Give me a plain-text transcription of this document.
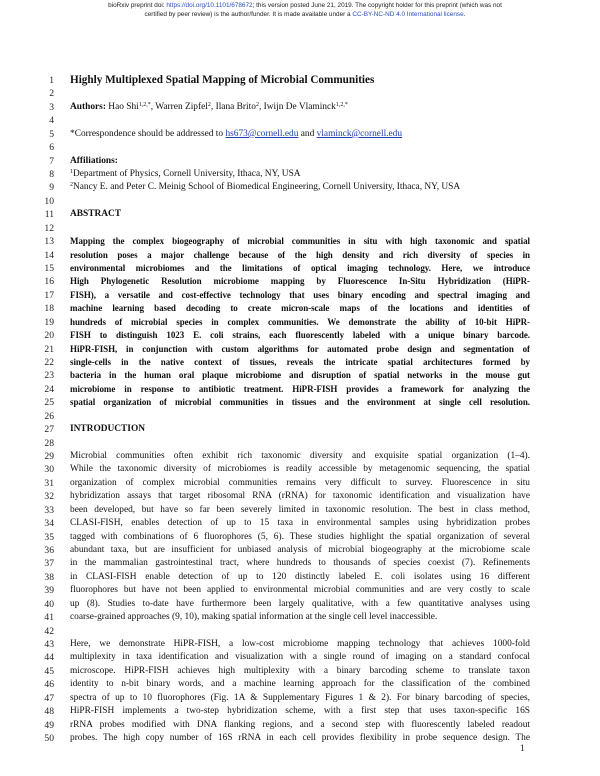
bioRxiv preprint doi: https://doi.org/10.1101/678672; this version posted June 21, 2019. The copyright holder for this preprint (which was not
certified by peer review) is the author/funder. It is made available under a CC-BY-NC-ND 4.0 International license.
1
2
3
4
5
6
7
8
9
10
11
12
13
14
15
16
17
18
19
20
21
22
23
24
25
26
27
28
29
30
31
32
33
34
35
36
37
38
39
40
41
42
43
44
45
46
47
48
49
50
Highly Multiplexed Spatial Mapping of Microbial Communities
Authors: Hao Shi$^{1,2,*}$, Warren Zipfel$^2$, Ilana Brito$^2$, Iwijn De Vlaminck$^{1,2,*}$
*Correspondence should be addressed to hs673@cornell.edu and vlaminck@cornell.edu
Affiliations:
$^1$Department of Physics, Cornell University, Ithaca, NY, USA
$^2$Nancy E. and Peter C. Meinig School of Biomedical Engineering, Cornell University, Ithaca, NY, USA
ABSTRACT
Mapping the complex biogeography of microbial communities in situ with high taxonomic and spatial
resolution poses a major challenge because of the high density and rich diversity of species in
environmental microbiomes and the limitations of optical imaging technology. Here, we introduce
High Phylogenetic Resolution microbiome mapping by Fluorescence In-Situ Hybridization (HiPR-
FISH), a versatile and cost-effective technology that uses binary encoding and spectral imaging and
machine learning based decoding to create micron-scale maps of the locations and identities of
hundreds of microbial species in complex communities. We demonstrate the ability of 10-bit HiPR-
FISH to distinguish 1023 E. coli strains, each fluorescently labeled with a unique binary barcode.
HiPR-FISH, in conjunction with custom algorithms for automated probe design and segmentation of
single-cells in the native context of tissues, reveals the intricate spatial architectures formed by
bacteria in the human oral plaque microbiome and disruption of spatial networks in the mouse gut
microbiome in response to antibiotic treatment. HiPR-FISH provides a framework for analyzing the
spatial organization of microbial communities in tissues and the environment at single cell resolution.
INTRODUCTION
Microbial communities often exhibit rich taxonomic diversity and exquisite spatial organization (1–4).
While the taxonomic diversity of microbiomes is readily accessible by metagenomic sequencing, the spatial
organization of complex microbial communities remains very difficult to survey. Fluorescence in situ
hybridization assays that target ribosomal RNA (rRNA) for taxonomic identification and visualization have
been developed, but have so far been severely limited in taxonomic resolution. The best in class method,
CLASI-FISH, enables detection of up to 15 taxa in environmental samples using hybridization probes
tagged with combinations of 6 fluorophores (5, 6). These studies highlight the spatial organization of several
abundant taxa, but are insufficient for unbiased analysis of microbial biogeography at the microbiome scale
in the mammalian gastrointestinal tract, where hundreds to thousands of species coexist (7). Refinements
in CLASI-FISH enable detection of up to 120 distinctly labeled E. coli isolates using 16 different
fluorophores but have not been applied to environmental microbial communities and are very costly to scale
up (8). Studies to-date have furthermore been largely qualitative, with a few quantitative analyses using
coarse-grained approaches (9, 10), making spatial information at the single cell level inaccessible.
Here, we demonstrate HiPR-FISH, a low-cost microbiome mapping technology that achieves 1000-fold
multiplexity in taxa identification and visualization with a single round of imaging on a standard confocal
microscope. HiPR-FISH achieves high multiplexity with a binary barcoding scheme to translate taxon
identity to n-bit binary words, and a machine learning approach for the classification of the combined
spectra of up to 10 fluorophores (Fig. 1A & Supplementary Figures 1 & 2). For binary barcoding of species,
HiPR-FISH implements a two-step hybridization scheme, with a first step that uses taxon-specific 16S
rRNA probes modified with DNA flanking regions, and a second step with fluorescently labeled readout
probes. The high copy number of 16S rRNA in each cell provides flexibility in probe sequence design. The
1
